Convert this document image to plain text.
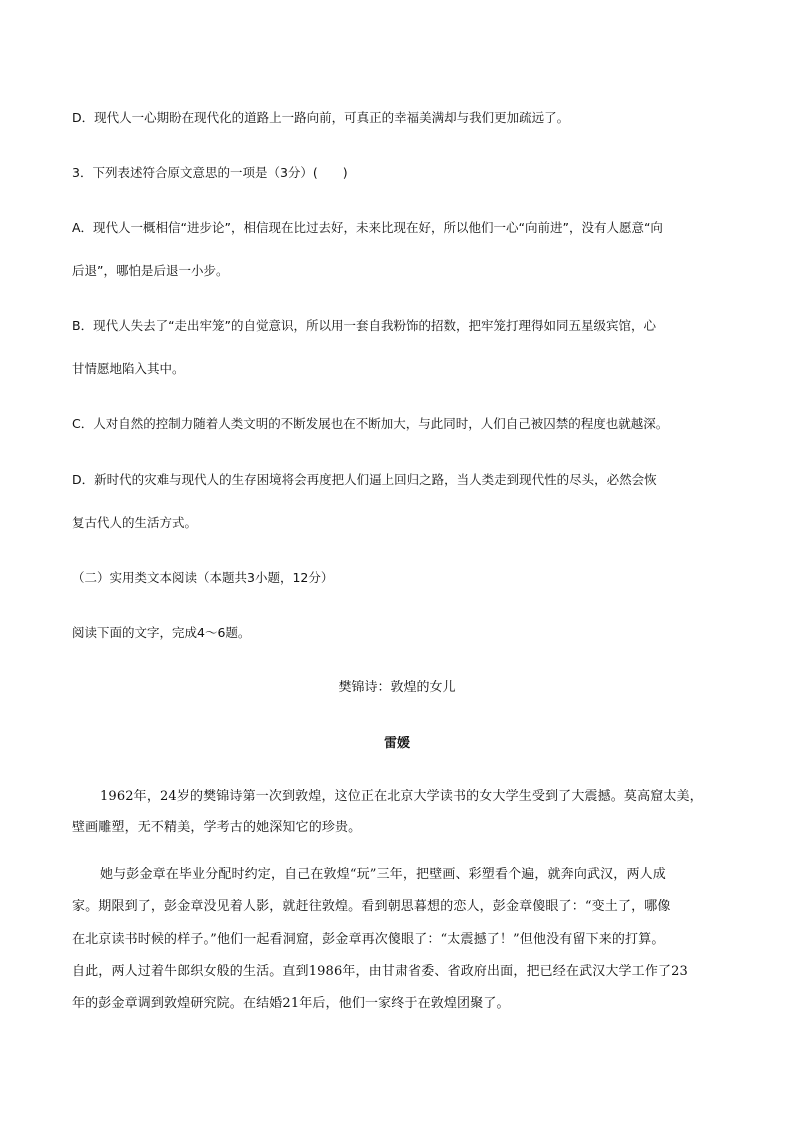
D．现代人一心期盼在现代化的道路上一路向前，可真正的幸福美满却与我们更加疏远了。
3．下列表述符合原文意思的一项是（3分）(　　)
A．现代人一概相信“进步论”，相信现在比过去好，未来比现在好，所以他们一心“向前进”，没有人愿意“向
后退”，哪怕是后退一小步。
B．现代人失去了“走出牢笼”的自觉意识，所以用一套自我粉饰的招数，把牢笼打理得如同五星级宾馆，心
甘情愿地陷入其中。
C．人对自然的控制力随着人类文明的不断发展也在不断加大，与此同时，人们自己被囚禁的程度也就越深。
D．新时代的灾难与现代人的生存困境将会再度把人们逼上回归之路，当人类走到现代性的尽头，必然会恢
复古代人的生活方式。
（二）实用类文本阅读（本题共3小题，12分）
阅读下面的文字，完成4～6题。
樊锦诗：敦煌的女儿
雷媛
1962年，24岁的樊锦诗第一次到敦煌，这位正在北京大学读书的女大学生受到了大震撼。莫高窟太美，
壁画雕塑，无不精美，学考古的她深知它的珍贵。
她与彭金章在毕业分配时约定，自己在敦煌“玩”三年，把壁画、彩塑看个遍，就奔向武汉，两人成
家。期限到了，彭金章没见着人影，就赶往敦煌。看到朝思暮想的恋人，彭金章傻眼了：“变土了，哪像
在北京读书时候的样子。”他们一起看洞窟，彭金章再次傻眼了：“太震撼了！”但他没有留下来的打算。
自此，两人过着牛郎织女般的生活。直到1986年，由甘肃省委、省政府出面，把已经在武汉大学工作了23
年的彭金章调到敦煌研究院。在结婚21年后，他们一家终于在敦煌团聚了。
